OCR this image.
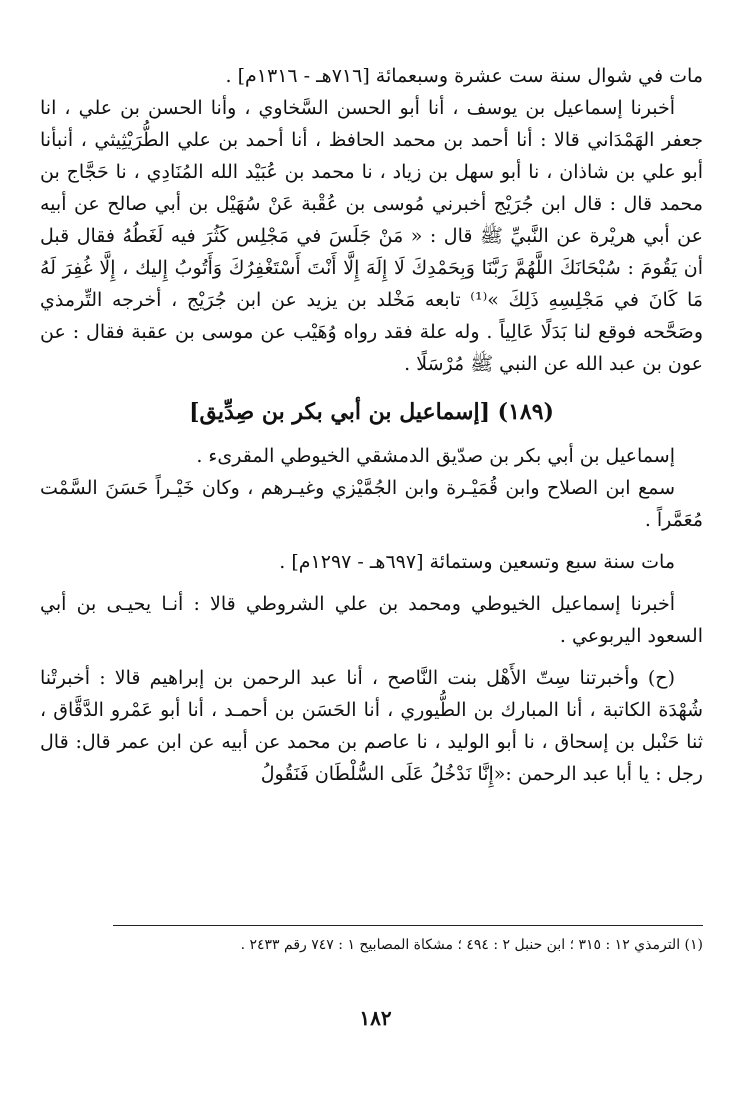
مات في شوال سنة ست عشرة وسبعمائة [٧١٦هـ - ١٣١٦م] .

أخبرنا إسماعيل بن يوسف ، أنا أبو الحسن السَّخاوي ، وأنا الحسن بن علي ، انا جعفر الهَمْدَاني قالا : أنا أحمد بن محمد الحافظ ، أنا أحمد بن علي الطُّرَيْثِيثي ، أنبأنا أبو علي بن شاذان ، نا أبو سهل بن زياد ، نا محمد بن عُبَيْد الله المُنَادِي ، نا حَجَّاج بن محمد قال : قال ابن جُرَيْج أخبرني مُوسى بن عُقْبة عَنْ سُهَيْل بن أبي صالح عن أبيه عن أبي هريْرة عن النَّبيِّ ﷺ قال : « مَنْ جَلَسَ في مَجْلِس كَثُرَ فيه لَغَطُهُ فقال قبل أن يَقُومَ : سُبْحَانَكَ اللَّهُمَّ رَبَّنَا وَبِحَمْدِكَ لَا إِلَهَ إِلَّا أَنْتَ أَسْتَغْفِرُكَ وَأَتُوبُ إِليك ، إِلَّا غُفِرَ لَهُ مَا كَانَ في مَجْلِسِهِ ذَلِكَ »⁽¹⁾ تابعه مَخْلد بن يزيد عن ابن جُرَيْج ، أخرجه التِّرمذي وصَحَّحه فوقع لنا بَدَلًا عَالِياً . وله علة فقد رواه وُهَيْب عن موسى بن عقبة فقال : عن عون بن عبد الله عن النبي ﷺ مُرْسَلًا .

(١٨٩) [إسماعيل بن أبي بكر بن صِدِّيق]

إسماعيل بن أبي بكر بن صدّيق الدمشقي الخيوطي المقرىء .

سمع ابن الصلاح وابن قُمَيْـرة وابن الجُمَّيْزي وغيـرهم ، وكان خَيْـراً حَسَنَ السَّمْت مُعَمَّراً .

مات سنة سبع وتسعين وستمائة [٦٩٧هـ - ١٢٩٧م] .

أخبرنا إسماعيل الخيوطي ومحمد بن علي الشروطي قالا : أنـا يحيـى بن أبي السعود اليربوعي .

(ح) وأخبرتنا سِتّ الأَهْل بنت النَّاصح ، أنا عبد الرحمن بن إبراهيم قالا : أخبرتْنا شُهْدَة الكاتبة ، أنا المبارك بن الطُّيوري ، أنا الحَسَن بن أحمـد ، أنا أبو عَمْرو الدَّقَّاق ، ثنا حَنْبل بن إسحاق ، نا أبو الوليد ، نا عاصم بن محمد عن أبيه عن ابن عمر قال: قال رجل : يا أبا عبد الرحمن :«إِنَّا نَدْخُلُ عَلَى السُّلْطَان فَنَقُولُ

(١) الترمذي ١٢ : ٣١٥ ؛ ابن حنبل ٢ : ٤٩٤ ؛ مشكاة المصابيح ١ : ٧٤٧ رقم ٢٤٣٣ .

١٨٢
